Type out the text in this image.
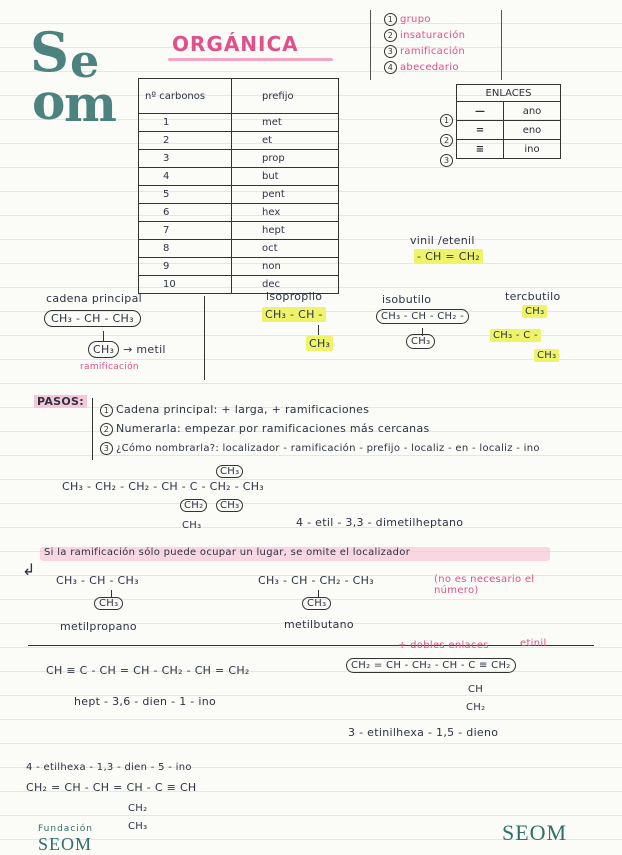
S e
o
m
ORGÁNICA
1 grupo
2 insaturación
3 ramificación
4 abecedario
nº carbonos	prefijo
1	met
2	et
3	prop
4	but
5	pent
6	hex
7	hept
8	oct
9	non
10	dec
ENLACES	
—	ano
=	eno
≡	ino
1
2
3
vinil /etenil
- CH = CH₂
cadena principal
CH₃ - CH - CH₃
CH₃ → metil
ramificación
isopropilo
CH₃ - CH -
CH₃
isobutilo
CH₃ - CH - CH₂ -
CH₃
tercbutilo
CH₃
CH₃ - C -
CH₃
PASOS:
1 Cadena principal: + larga, + ramificaciones
2 Numerarla: empezar por ramificaciones más cercanas
3 ¿Cómo nombrarla?: localizador - ramificación - prefijo - localiz - en - localiz - ino
CH₃
CH₃ - CH₂ - CH₂ - CH - C - CH₂ - CH₃
CH₂
CH₃
CH₃
4 - etil - 3,3 - dimetilheptano
Si la ramificación sólo puede ocupar un lugar, se omite el localizador
↲
CH₃ - CH - CH₃
CH₃
metilpropano
CH₃ - CH - CH₂ - CH₃
CH₃
metilbutano
(no es necesario el número)
CH ≡ C - CH = CH - CH₂ - CH = CH₂
hept - 3,6 - dien - 1 - ino
+ dobles enlaces	etinil
CH₂ = CH - CH₂ - CH - C ≡ CH₂
CH
CH₂
3 - etinilhexa - 1,5 - dieno
4 - etilhexa - 1,3 - dien - 5 - ino
CH₂ = CH - CH = CH - C ≡ CH
CH₂
CH₃
Fundación
SEOM	SEOM
